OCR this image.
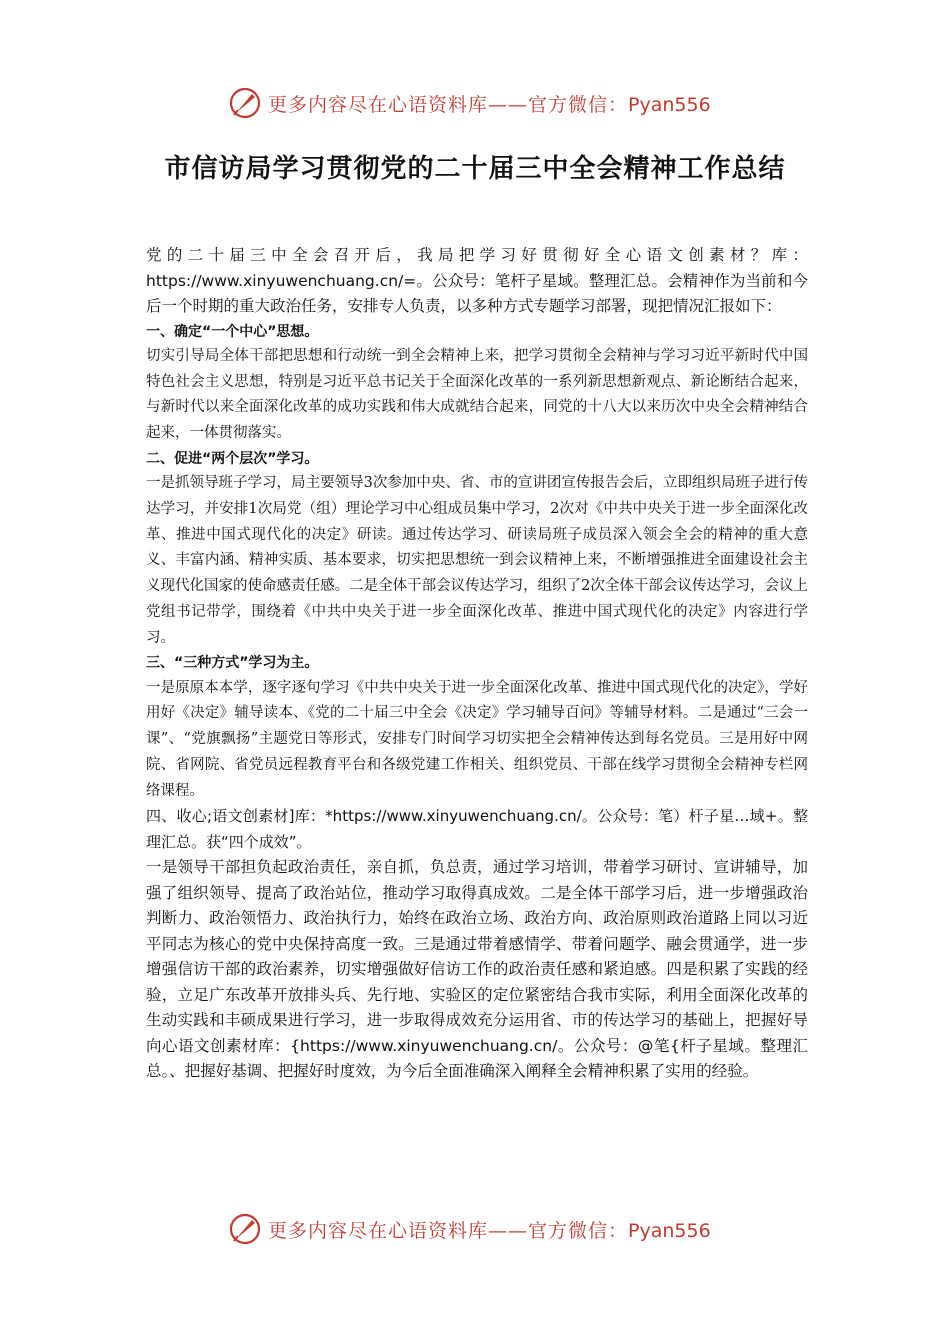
更多内容尽在心语资料库——官方微信：Pyan556
市信访局学习贯彻党的二十届三中全会精神工作总结

党的二十届三中全会召开后，我局把学习好贯彻好全心语文创素材？库：https://www.xinyuwenchuang.cn/=。公众号：笔杆子星域。整理汇总。会精神作为当前和今后一个时期的重大政治任务，安排专人负责，以多种方式专题学习部署，现把情况汇报如下：

一、确定“一个中心”思想。

切实引导局全体干部把思想和行动统一到全会精神上来，把学习贯彻全会精神与学习习近平新时代中国特色社会主义思想，特别是习近平总书记关于全面深化改革的一系列新思想新观点、新论断结合起来，与新时代以来全面深化改革的成功实践和伟大成就结合起来，同党的十八大以来历次中央全会精神结合起来，一体贯彻落实。

二、促进“两个层次”学习。

一是抓领导班子学习，局主要领导3次参加中央、省、市的宣讲团宣传报告会后，立即组织局班子进行传达学习，并安排1次局党（组）理论学习中心组成员集中学习，2次对《中共中央关于进一步全面深化改革、推进中国式现代化的决定》研读。通过传达学习、研读局班子成员深入领会全会的精神的重大意义、丰富内涵、精神实质、基本要求，切实把思想统一到会议精神上来，不断增强推进全面建设社会主义现代化国家的使命感责任感。二是全体干部会议传达学习，组织了2次全体干部会议传达学习，会议上党组书记带学，围绕着《中共中央关于进一步全面深化改革、推进中国式现代化的决定》内容进行学习。

三、“三种方式”学习为主。

一是原原本本学，逐字逐句学习《中共中央关于进一步全面深化改革、推进中国式现代化的决定》，学好用好《决定》辅导读本、《党的二十届三中全会《决定》学习辅导百问》等辅导材料。二是通过“三会一课”、“党旗飘扬”主题党日等形式，安排专门时间学习切实把全会精神传达到每名党员。三是用好中网院、省网院、省党员远程教育平台和各级党建工作相关、组织党员、干部在线学习贯彻全会精神专栏网络课程。

四、收心;语文创素材]库：*https://www.xinyuwenchuang.cn/。公众号：笔）杆子星…域+。整理汇总。获“四个成效”。

一是领导干部担负起政治责任，亲自抓，负总责，通过学习培训，带着学习研讨、宣讲辅导，加强了组织领导、提高了政治站位，推动学习取得真成效。二是全体干部学习后，进一步增强政治判断力、政治领悟力、政治执行力，始终在政治立场、政治方向、政治原则政治道路上同以习近平同志为核心的党中央保持高度一致。三是通过带着感情学、带着问题学、融会贯通学，进一步增强信访干部的政治素养，切实增强做好信访工作的政治责任感和紧迫感。四是积累了实践的经验，立足广东改革开放排头兵、先行地、实验区的定位紧密结合我市实际，利用全面深化改革的生动实践和丰硕成果进行学习，进一步取得成效充分运用省、市的传达学习的基础上，把握好导向心语文创素材库：{https://www.xinyuwenchuang.cn/。公众号：@笔{杆子星域。整理汇总。、把握好基调、把握好时度效，为今后全面准确深入阐释全会精神积累了实用的经验。

更多内容尽在心语资料库——官方微信：Pyan556
